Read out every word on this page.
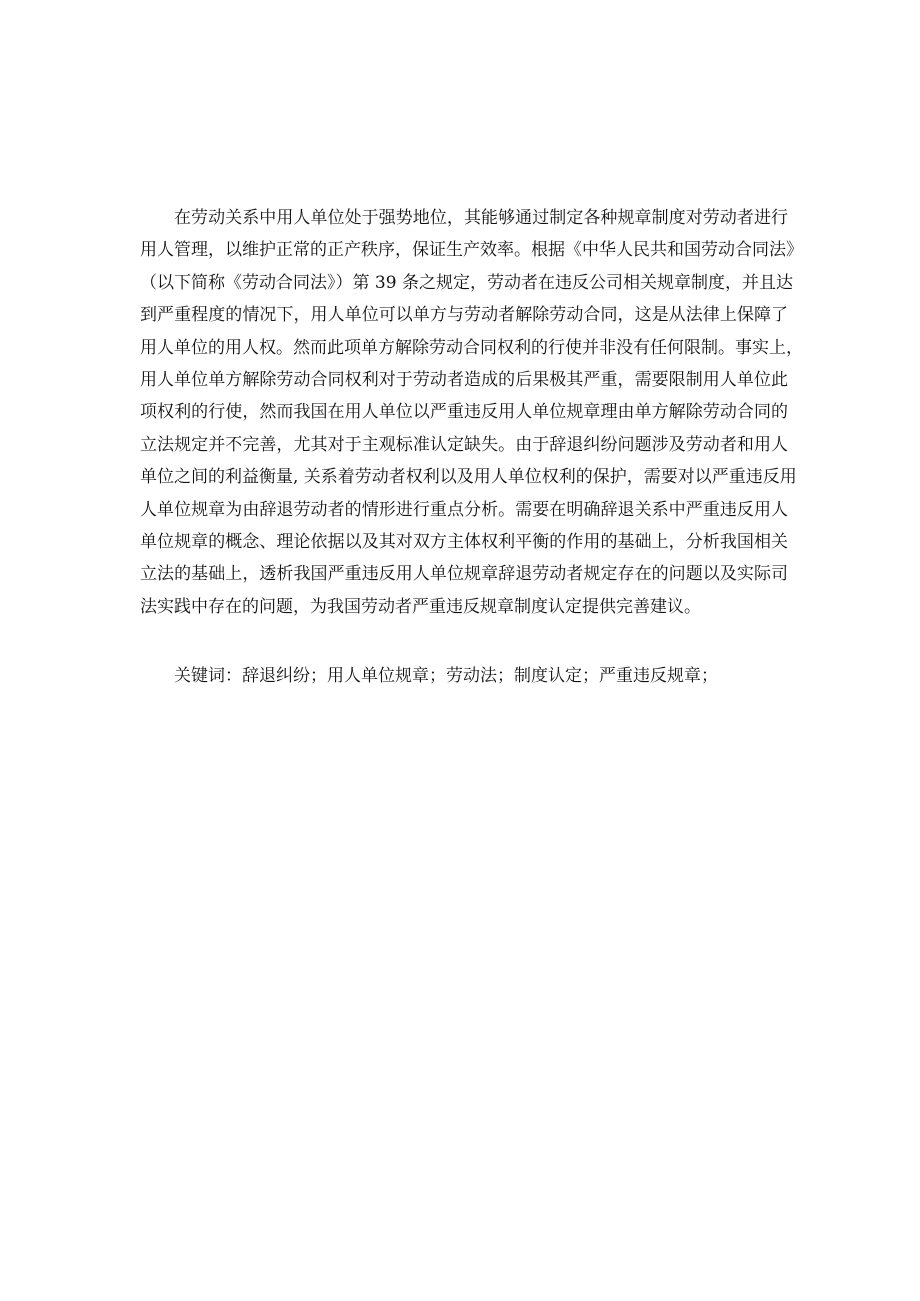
在劳动关系中用人单位处于强势地位，其能够通过制定各种规章制度对劳动者进行
用人管理，以维护正常的正产秩序，保证生产效率。根据《中华人民共和国劳动合同法》
（以下简称《劳动合同法》）第 39 条之规定，劳动者在违反公司相关规章制度，并且达
到严重程度的情况下，用人单位可以单方与劳动者解除劳动合同，这是从法律上保障了
用人单位的用人权。然而此项单方解除劳动合同权利的行使并非没有任何限制。事实上，
用人单位单方解除劳动合同权利对于劳动者造成的后果极其严重，需要限制用人单位此
项权利的行使，然而我国在用人单位以严重违反用人单位规章理由单方解除劳动合同的
立法规定并不完善，尤其对于主观标准认定缺失。由于辞退纠纷问题涉及劳动者和用人
单位之间的利益衡量, 关系着劳动者权利以及用人单位权利的保护，需要对以严重违反用
人单位规章为由辞退劳动者的情形进行重点分析。需要在明确辞退关系中严重违反用人
单位规章的概念、理论依据以及其对双方主体权利平衡的作用的基础上，分析我国相关
立法的基础上，透析我国严重违反用人单位规章辞退劳动者规定存在的问题以及实际司
法实践中存在的问题，为我国劳动者严重违反规章制度认定提供完善建议。
关键词：辞退纠纷；用人单位规章；劳动法；制度认定；严重违反规章；
